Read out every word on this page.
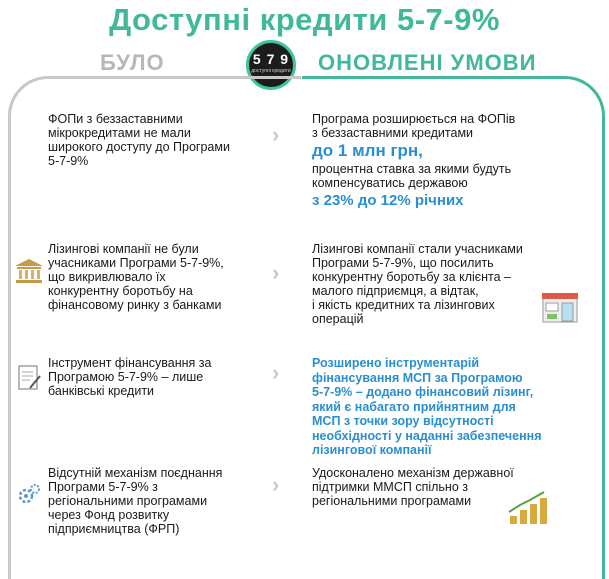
Доступні кредити 5-7-9%
БУЛО	ОНОВЛЕНІ УМОВИ
5 7 9
доступні кредити
ФОПи з беззаставними
мікрокредитами не мали
широкого доступу до Програми
5-7-9%
›
Програма розширюється на ФОПів
з беззаставними кредитами
до 1 млн грн,
процентна ставка за якими будуть
компенсуватись державою
з 23% до 12% річних
Лізингові компанії не були
учасниками Програми 5-7-9%,
що викривлювало їх
конкурентну боротьбу на
фінансовому ринку з банками
›
Лізингові компанії стали учасниками
Програми 5-7-9%, що посилить
конкурентну боротьбу за клієнта –
малого підприємця, а відтак,
і якість кредитних та лізингових
операцій
Інструмент фінансування за
Програмою 5-7-9% – лише
банківські кредити
›	Розширено інструментарій
фінансування МСП за Програмою
5-7-9% – додано фінансовий лізинг,
який є набагато прийнятним для
МСП з точки зору відсутності
необхідності у наданні забезпечення
лізингової компанії
Відсутній механізм поєднання
Програми 5-7-9% з
регіональними програмами
через Фонд розвитку
підприємництва (ФРП)
›	Удосконалено механізм державної
підтримки ММСП спільно з
регіональними програмами
